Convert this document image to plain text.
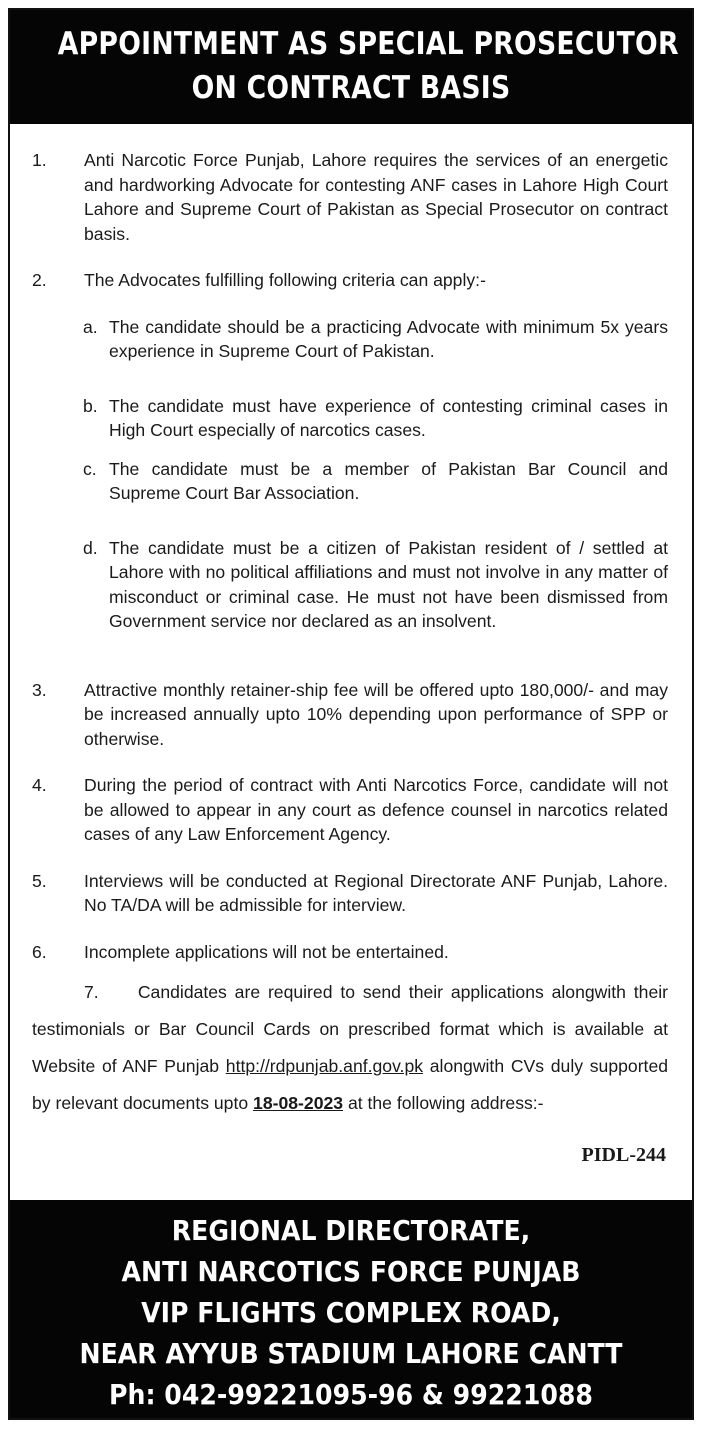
APPOINTMENT AS SPECIAL PROSECUTOR
ON CONTRACT BASIS
1.	Anti Narcotic Force Punjab, Lahore requires the services of an energetic and hardworking Advocate for contesting ANF cases in Lahore High Court Lahore and Supreme Court of Pakistan as Special Prosecutor on contract basis.
2.	The Advocates fulfilling following criteria can apply:-
a. The candidate should be a practicing Advocate with minimum 5x years experience in Supreme Court of Pakistan.
b. The candidate must have experience of contesting criminal cases in High Court especially of narcotics cases.
c. The candidate must be a member of Pakistan Bar Council and Supreme Court Bar Association.
d. The candidate must be a citizen of Pakistan resident of / settled at Lahore with no political affiliations and must not involve in any matter of misconduct or criminal case. He must not have been dismissed from Government service nor declared as an insolvent.
3.	Attractive monthly retainer-ship fee will be offered upto 180,000/- and may be increased annually upto 10% depending upon performance of SPP or otherwise.
4.	During the period of contract with Anti Narcotics Force, candidate will not be allowed to appear in any court as defence counsel in narcotics related cases of any Law Enforcement Agency.
5.	Interviews will be conducted at Regional Directorate ANF Punjab, Lahore. No TA/DA will be admissible for interview.
6.	Incomplete applications will not be entertained.
7. Candidates are required to send their applications alongwith their testimonials or Bar Council Cards on prescribed format which is available at Website of ANF Punjab http://rdpunjab.anf.gov.pk alongwith CVs duly supported by relevant documents upto 18-08-2023 at the following address:-
PIDL-244
REGIONAL DIRECTORATE,
ANTI NARCOTICS FORCE PUNJAB
VIP FLIGHTS COMPLEX ROAD,
NEAR AYYUB STADIUM LAHORE CANTT
Ph: 042-99221095-96 & 99221088
